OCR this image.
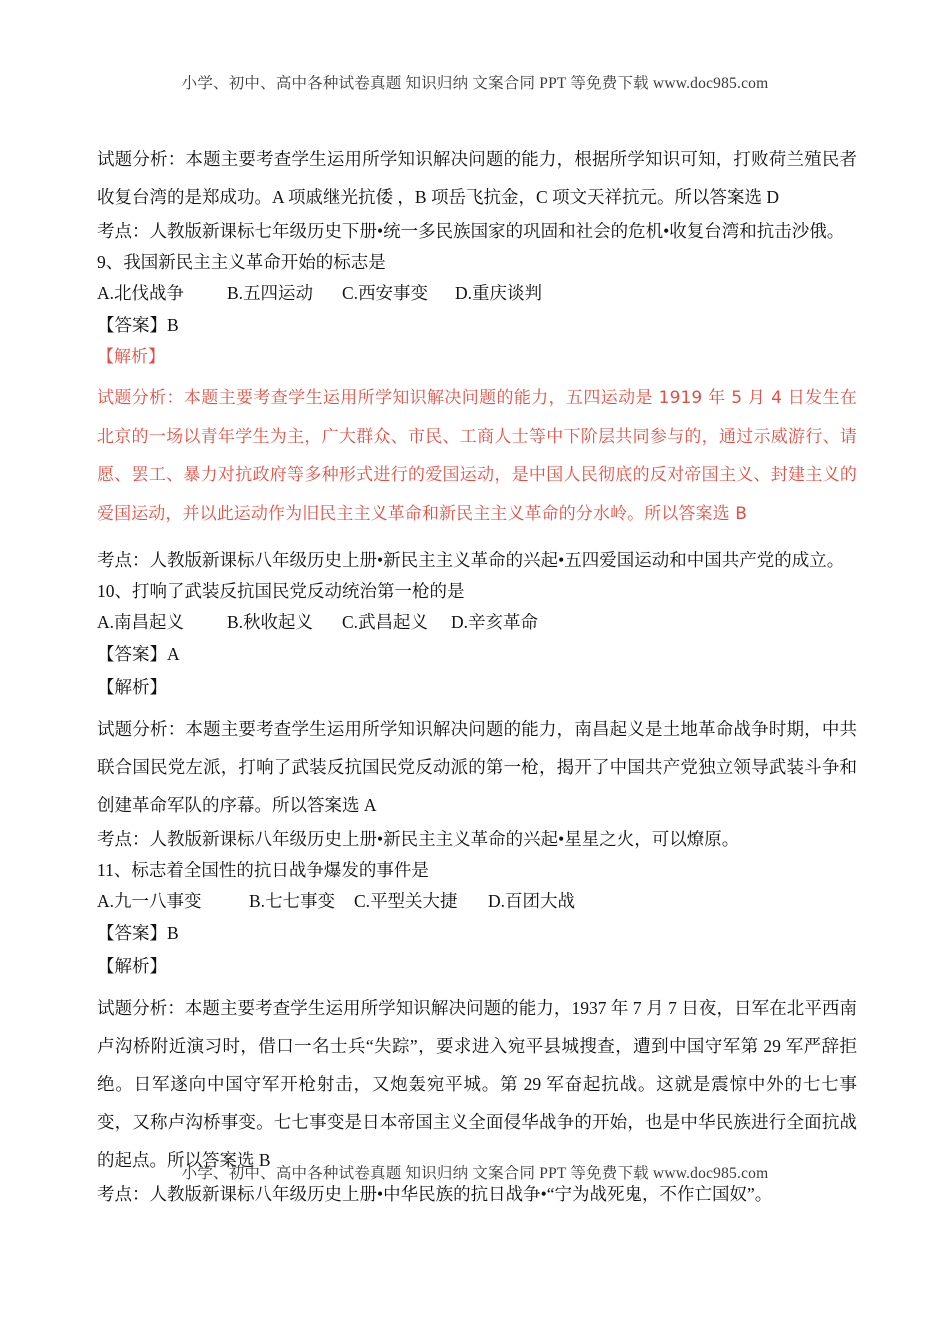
小学、初中、高中各种试卷真题 知识归纳 文案合同 PPT 等免费下载 www.doc985.com

试题分析：本题主要考查学生运用所学知识解决问题的能力，根据所学知识可知，打败荷兰殖民者收复台湾的是郑成功。A 项戚继光抗倭 ，B 项岳飞抗金，C 项文天祥抗元。所以答案选 D

考点：人教版新课标七年级历史下册•统一多民族国家的巩固和社会的危机•收复台湾和抗击沙俄。

9、我国新民主主义革命开始的标志是

A.北伐战争 B.五四运动 C.西安事变 D.重庆谈判
【答案】B
【解析】

试题分析：本题主要考查学生运用所学知识解决问题的能力，五四运动是 1919 年 5 月 4 日发生在北京的一场以青年学生为主，广大群众、市民、工商人士等中下阶层共同参与的，通过示威游行、请愿、罢工、暴力对抗政府等多种形式进行的爱国运动，是中国人民彻底的反对帝国主义、封建主义的爱国运动，并以此运动作为旧民主主义革命和新民主主义革命的分水岭。所以答案选 B

考点：人教版新课标八年级历史上册•新民主主义革命的兴起•五四爱国运动和中国共产党的成立。

10、打响了武装反抗国民党反动统治第一枪的是

A.南昌起义 B.秋收起义 C.武昌起义 D.辛亥革命
【答案】A
【解析】

试题分析：本题主要考查学生运用所学知识解决问题的能力，南昌起义是土地革命战争时期，中共联合国民党左派，打响了武装反抗国民党反动派的第一枪，揭开了中国共产党独立领导武装斗争和创建革命军队的序幕。所以答案选 A

考点：人教版新课标八年级历史上册•新民主主义革命的兴起•星星之火，可以燎原。

11、标志着全国性的抗日战争爆发的事件是

A.九一八事变	B.七七事变 C.平型关大捷 D.百团大战
【答案】B
【解析】

试题分析：本题主要考查学生运用所学知识解决问题的能力，1937 年 7 月 7 日夜，日军在北平西南卢沟桥附近演习时，借口一名士兵“失踪”，要求进入宛平县城搜查，遭到中国守军第 29 军严辞拒绝。日军遂向中国守军开枪射击，又炮轰宛平城。第 29 军奋起抗战。这就是震惊中外的七七事变，又称卢沟桥事变。七七事变是日本帝国主义全面侵华战争的开始，也是中华民族进行全面抗战的起点。所以答案选 B

考点：人教版新课标八年级历史上册•中华民族的抗日战争•“宁为战死鬼，不作亡国奴”。

小学、初中、高中各种试卷真题 知识归纳 文案合同 PPT 等免费下载 www.doc985.com
